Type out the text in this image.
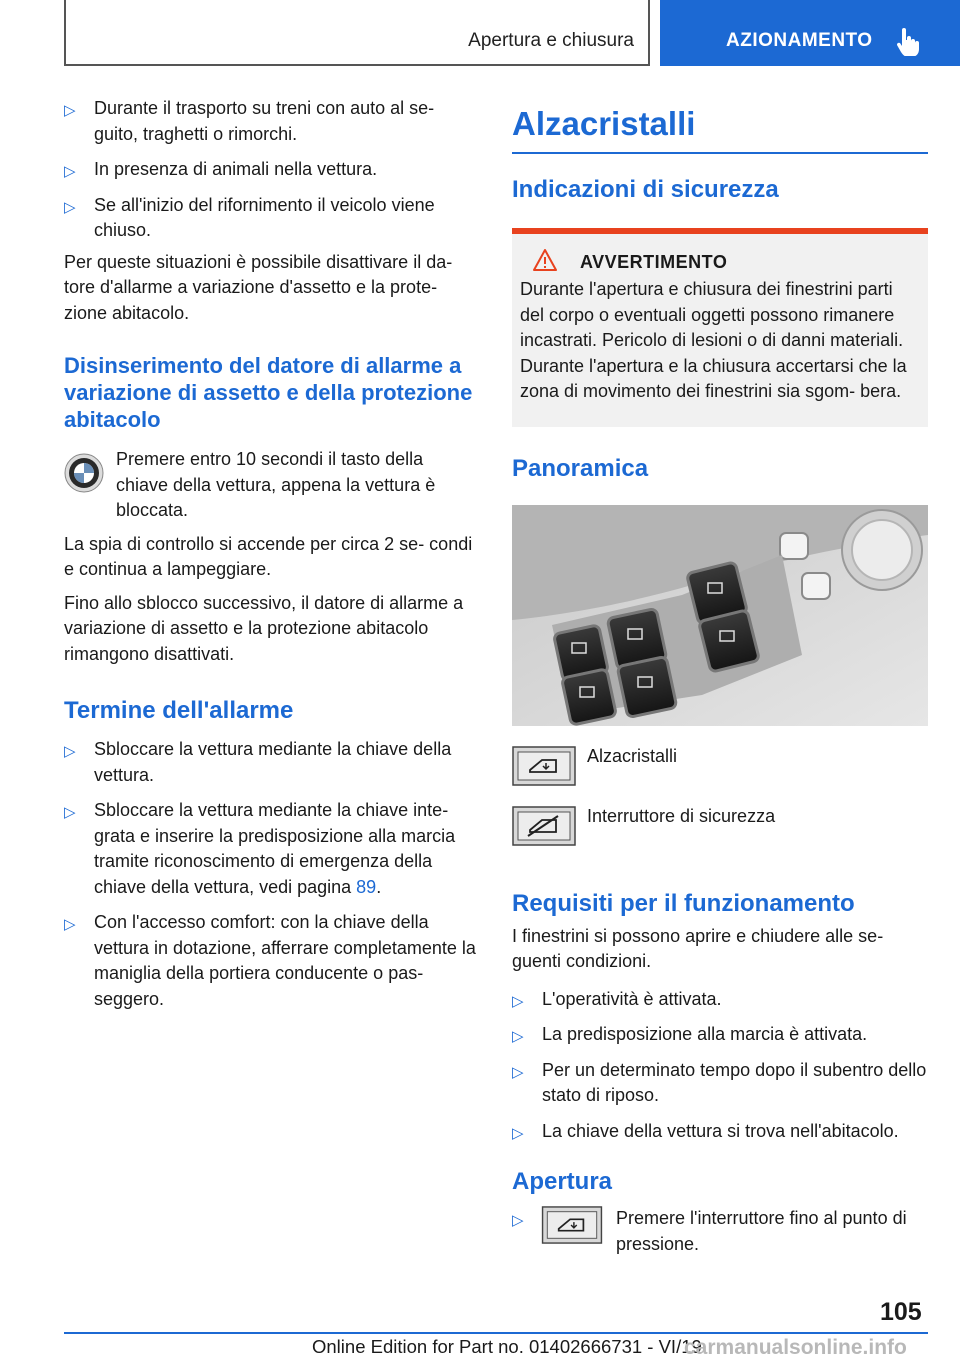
Apertura e chiusura	AZIONAMENTO
▷ Durante il trasporto su treni con auto al se- guito, traghetti o rimorchi.
▷ In presenza di animali nella vettura.
▷ Se all'inizio del rifornimento il veicolo viene chiuso.

Per queste situazioni è possibile disattivare il da- tore d'allarme a variazione d'assetto e la prote- zione abitacolo.

Disinserimento del datore di allarme a variazione di assetto e della protezione abitacolo

Premere entro 10 secondi il tasto della chiave della vettura, appena la vettura è bloccata.

La spia di controllo si accende per circa 2 se- condi e continua a lampeggiare.

Fino allo sblocco successivo, il datore di allarme a variazione di assetto e la protezione abitacolo rimangono disattivati.

Termine dell'allarme
▷ Sbloccare la vettura mediante la chiave della vettura.
▷ Sbloccare la vettura mediante la chiave inte- grata e inserire la predisposizione alla marcia tramite riconoscimento di emergenza della chiave della vettura, vedi pagina 89.
▷ Con l'accesso comfort: con la chiave della vettura in dotazione, afferrare completamente la maniglia della portiera conducente o pas- seggero.
Alzacristalli
Indicazioni di sicurezza
AVVERTIMENTO

Durante l'apertura e chiusura dei finestrini parti del corpo o eventuali oggetti possono rimanere incastrati. Pericolo di lesioni o di danni materiali. Durante l'apertura e la chiusura accertarsi che la zona di movimento dei finestrini sia sgom- bera.

Panoramica
Alzacristalli
Interruttore di sicurezza
Requisiti per il funzionamento

I finestrini si possono aprire e chiudere alle se- guenti condizioni.

▷ L'operatività è attivata.
▷ La predisposizione alla marcia è attivata.
▷ Per un determinato tempo dopo il subentro dello stato di riposo.
▷ La chiave della vettura si trova nell'abitacolo.
Apertura
▷	Premere l'interruttore fino al punto di pressione.
105
Online Edition for Part no. 01402666731 - VI/19
carmanualsonline.info
